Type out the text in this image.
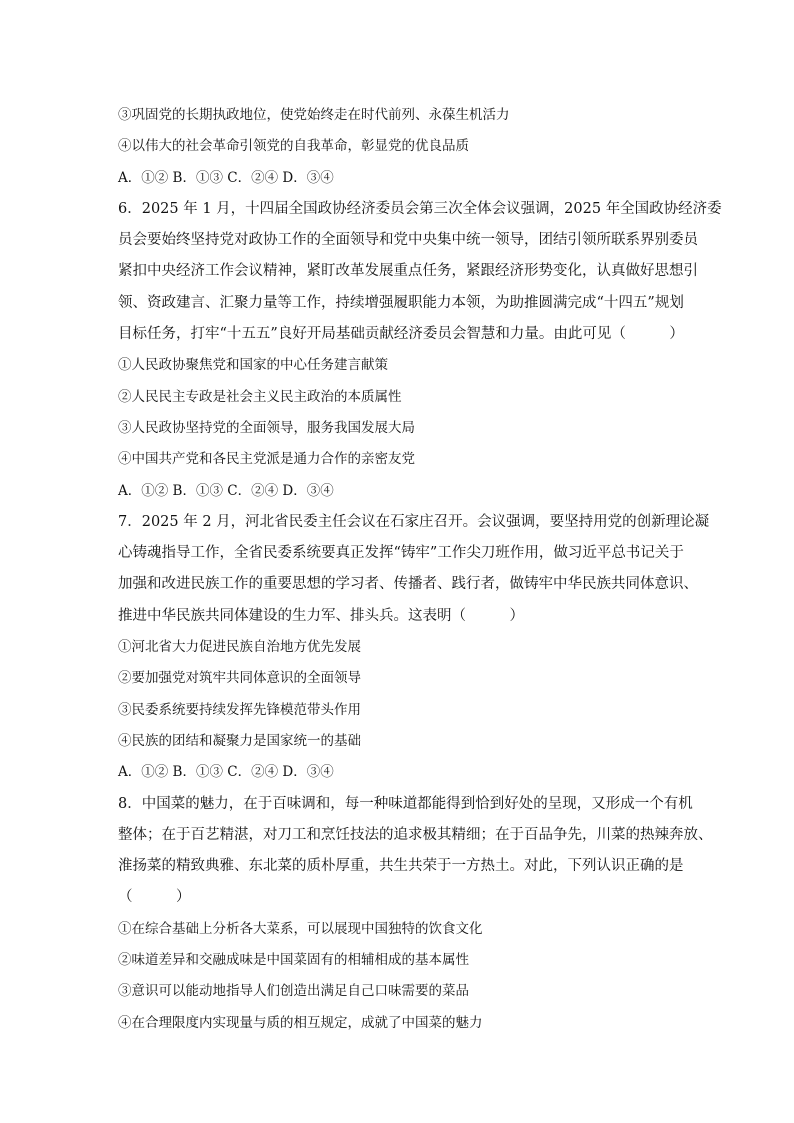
③巩固党的长期执政地位，使党始终走在时代前列、永葆生机活力
④以伟大的社会革命引领党的自我革命，彰显党的优良品质
A．①② B．①③ C．②④ D．③④
6．2025 年 1 月，十四届全国政协经济委员会第三次全体会议强调，2025 年全国政协经济委
员会要始终坚持党对政协工作的全面领导和党中央集中统一领导，团结引领所联系界别委员
紧扣中央经济工作会议精神，紧盯改革发展重点任务，紧跟经济形势变化，认真做好思想引
领、资政建言、汇聚力量等工作，持续增强履职能力本领，为助推圆满完成“十四五”规划
目标任务，打牢“十五五”良好开局基础贡献经济委员会智慧和力量。由此可见（　　　）
①人民政协聚焦党和国家的中心任务建言献策
②人民民主专政是社会主义民主政治的本质属性
③人民政协坚持党的全面领导，服务我国发展大局
④中国共产党和各民主党派是通力合作的亲密友党
A．①② B．①③ C．②④ D．③④
7．2025 年 2 月，河北省民委主任会议在石家庄召开。会议强调，要坚持用党的创新理论凝
心铸魂指导工作，全省民委系统要真正发挥“铸牢”工作尖刀班作用，做习近平总书记关于
加强和改进民族工作的重要思想的学习者、传播者、践行者，做铸牢中华民族共同体意识、
推进中华民族共同体建设的生力军、排头兵。这表明（　　　）
①河北省大力促进民族自治地方优先发展
②要加强党对筑牢共同体意识的全面领导
③民委系统要持续发挥先锋模范带头作用
④民族的团结和凝聚力是国家统一的基础
A．①② B．①③ C．②④ D．③④
8．中国菜的魅力，在于百味调和，每一种味道都能得到恰到好处的呈现，又形成一个有机
整体；在于百艺精湛，对刀工和烹饪技法的追求极其精细；在于百品争先，川菜的热辣奔放、
淮扬菜的精致典雅、东北菜的质朴厚重，共生共荣于一方热土。对此，下列认识正确的是
（　　　）
①在综合基础上分析各大菜系，可以展现中国独特的饮食文化
②味道差异和交融成味是中国菜固有的相辅相成的基本属性
③意识可以能动地指导人们创造出满足自己口味需要的菜品
④在合理限度内实现量与质的相互规定，成就了中国菜的魅力
